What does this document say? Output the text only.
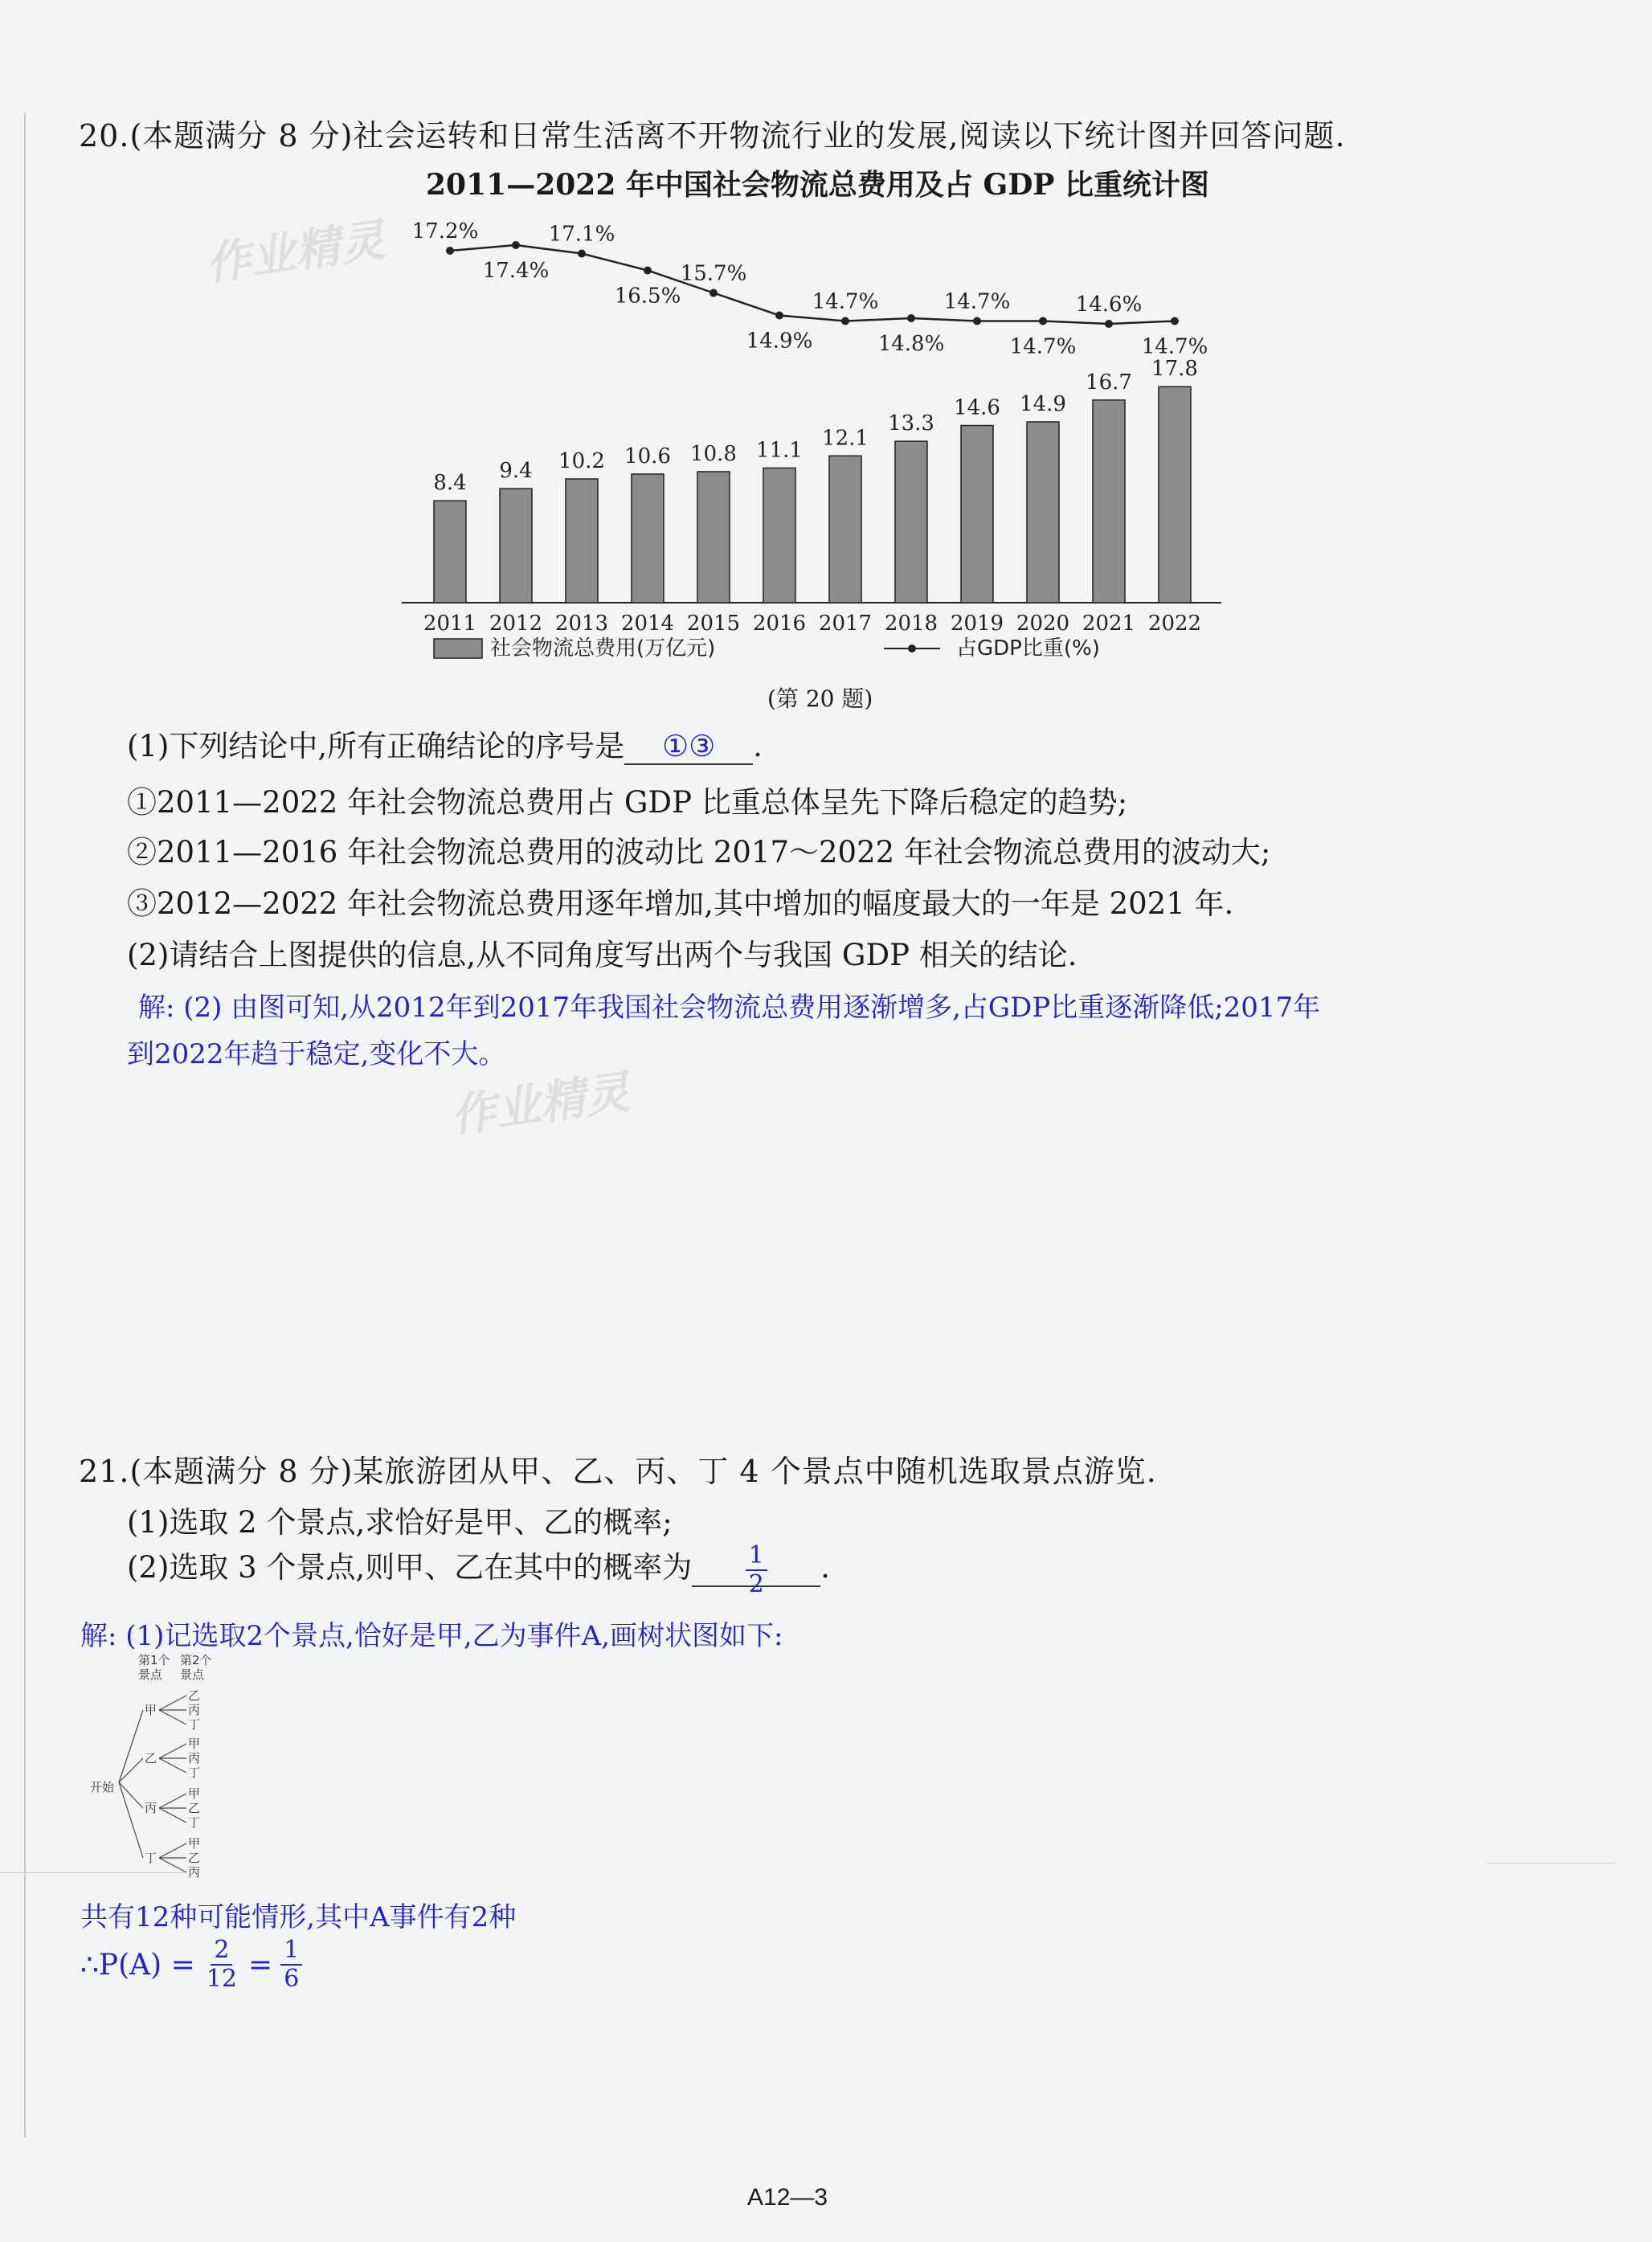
作业精灵
作业精灵
20.(本题满分 8 分)社会运转和日常生活离不开物流行业的发展,阅读以下统计图并回答问题.
2011—2022 年中国社会物流总费用及占 GDP 比重统计图
8.4
2011
9.4
2012
10.2
2013
10.6
2014
10.8
2015
11.1
2016
12.1
2017
13.3
2018
14.6
2019
14.9
2020
16.7
2021
17.8
2022
17.2%
17.4%
17.1%
16.5%
15.7%
14.9%
14.7%
14.8%
14.7%
14.7%
14.6%
14.7%
社会物流总费用(万亿元)	占GDP比重(%)
(第 20 题)
(1)下列结论中,所有正确结论的序号是 ①③ .
①2011—2022 年社会物流总费用占 GDP 比重总体呈先下降后稳定的趋势;
②2011—2016 年社会物流总费用的波动比 2017～2022 年社会物流总费用的波动大;
③2012—2022 年社会物流总费用逐年增加,其中增加的幅度最大的一年是 2021 年.
(2)请结合上图提供的信息,从不同角度写出两个与我国 GDP 相关的结论.
解: (2) 由图可知,从2012年到2017年我国社会物流总费用逐渐增多,占GDP比重逐渐降低;2017年
到2022年趋于稳定,变化不大。
21.(本题满分 8 分)某旅游团从甲、乙、丙、丁 4 个景点中随机选取景点游览.
(1)选取 2 个景点,求恰好是甲、乙的概率;
(2)选取 3 个景点,则甲、乙在其中的概率为 $\frac{1}{2}$ .
解: (1)记选取2个景点,恰好是甲,乙为事件A,画树状图如下:
第1个
景点
第2个
景点
开始
甲
乙
丙
丁
乙
甲
丙
丁
丙
甲
乙
丁
丁
甲
乙
丙
共有12种可能情形,其中A事件有2种
∴P(A) = $\frac{2}{12} = \frac{1}{6}$
A12—3
